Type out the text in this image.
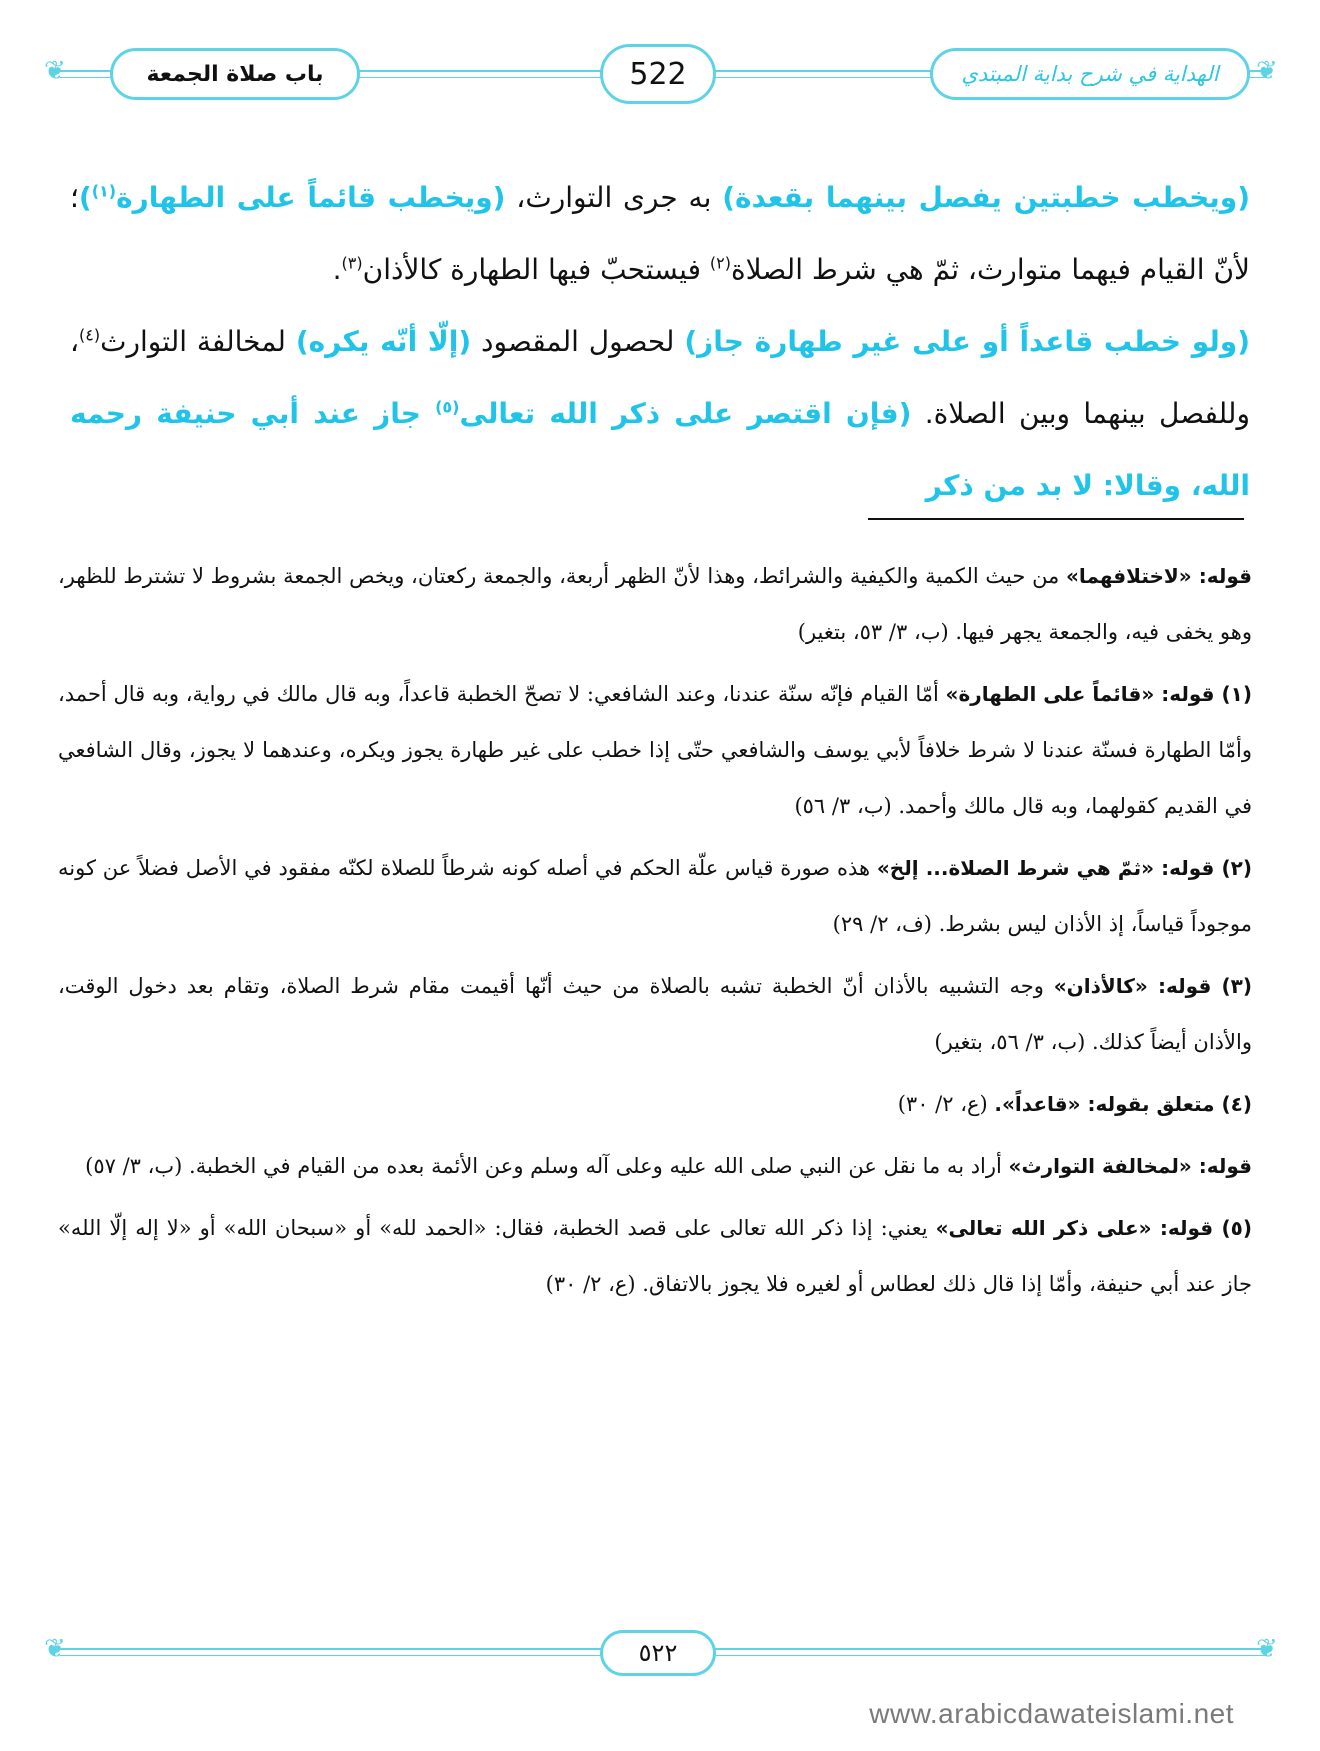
❦	❦
باب صلاة الجمعة	522	الهداية في شرح بداية المبتدي

(ويخطب خطبتين يفصل بينهما بقعدة) به جرى التوارث، (ويخطب قائماً على الطهارة$^{(١)}$)؛ لأنّ القيام فيهما متوارث، ثمّ هي شرط الصلاة$^{(٢)}$ فيستحبّ فيها الطهارة كالأذان$^{(٣)}$.

(ولو خطب قاعداً أو على غير طهارة جاز) لحصول المقصود (إلّا أنّه يكره) لمخالفة التوارث$^{(٤)}$، وللفصل بينهما وبين الصلاة. (فإن اقتصر على ذكر الله تعالى$^{(٥)}$ جاز عند أبي حنيفة رحمه الله، وقالا: لا بد من ذكر

قوله: «لاختلافهما» من حيث الكمية والكيفية والشرائط، وهذا لأنّ الظهر أربعة، والجمعة ركعتان، ويخص الجمعة بشروط لا تشترط للظهر، وهو يخفى فيه، والجمعة يجهر فيها. (ب، ٣/ ٥٣، بتغير)

(١) قوله: «قائماً على الطهارة» أمّا القيام فإنّه سنّة عندنا، وعند الشافعي: لا تصحّ الخطبة قاعداً، وبه قال مالك في رواية، وبه قال أحمد، وأمّا الطهارة فسنّة عندنا لا شرط خلافاً لأبي يوسف والشافعي حتّى إذا خطب على غير طهارة يجوز ويكره، وعندهما لا يجوز، وقال الشافعي في القديم كقولهما، وبه قال مالك وأحمد. (ب، ٣/ ٥٦)

(٢) قوله: «ثمّ هي شرط الصلاة... إلخ» هذه صورة قياس علّة الحكم في أصله كونه شرطاً للصلاة لكنّه مفقود في الأصل فضلاً عن كونه موجوداً قياساً، إذ الأذان ليس بشرط. (ف، ٢/ ٢٩)

(٣) قوله: «كالأذان» وجه التشبيه بالأذان أنّ الخطبة تشبه بالصلاة من حيث أنّها أقيمت مقام شرط الصلاة، وتقام بعد دخول الوقت، والأذان أيضاً كذلك. (ب، ٣/ ٥٦، بتغير)

(٤) متعلق بقوله: «قاعداً». (ع، ٢/ ٣٠)

قوله: «لمخالفة التوارث» أراد به ما نقل عن النبي صلى الله عليه وعلى آله وسلم وعن الأئمة بعده من القيام في الخطبة. (ب، ٣/ ٥٧)

(٥) قوله: «على ذكر الله تعالى» يعني: إذا ذكر الله تعالى على قصد الخطبة، فقال: «الحمد لله» أو «سبحان الله» أو «لا إله إلّا الله» جاز عند أبي حنيفة، وأمّا إذا قال ذلك لعطاس أو لغيره فلا يجوز بالاتفاق. (ع، ٢/ ٣٠)

❦	❦
٥٢٢
www.arabicdawateislami.net
